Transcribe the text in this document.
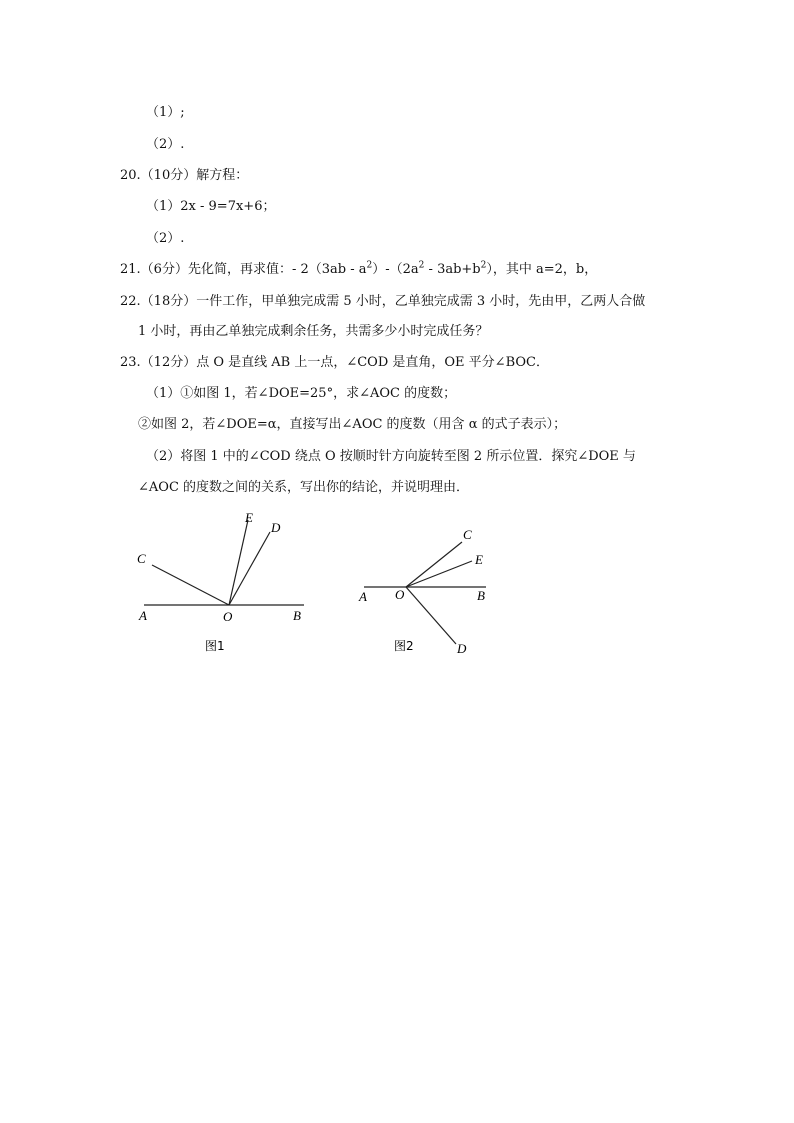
（1）;
（2）.
20.（10分）解方程：
（1）2x - 9=7x+6；
（2）.
21.（6分）先化简，再求值：- $2(3ab - a^2)-(2a^2 - 3ab+b^2)$，其中 a=2，b，
22.（18分）一件工作，甲单独完成需 5 小时，乙单独完成需 3 小时，先由甲，乙两人合做
1 小时，再由乙单独完成剩余任务，共需多少小时完成任务？
23.（12分）点 O 是直线 AB 上一点，∠COD 是直角，OE 平分∠BOC．
（1）①如图 1，若∠DOE=25°，求∠AOC 的度数；
②如图 2，若∠DOE=α，直接写出∠AOC 的度数（用含 α 的式子表示）；
（2）将图 1 中的∠COD 绕点 O 按顺时针方向旋转至图 2 所示位置．探究∠DOE 与
∠AOC 的度数之间的关系，写出你的结论，并说明理由．
C
E
D
A	O	B
图1
C
E
A O	B
D
图2
